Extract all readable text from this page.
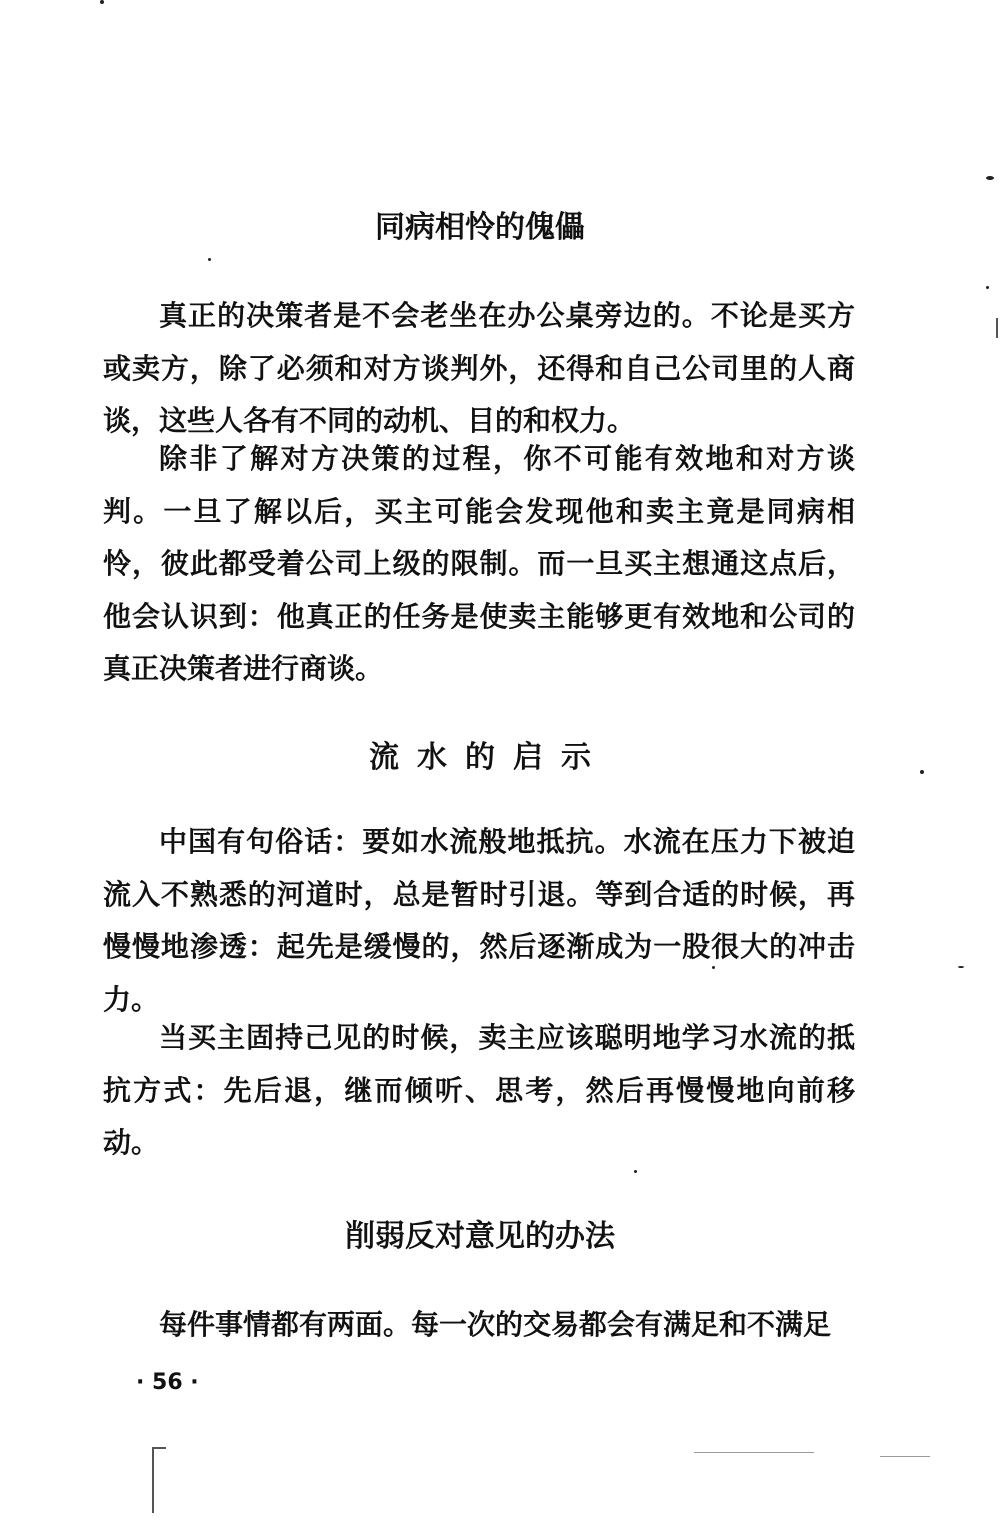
同病相怜的傀儡

真正的决策者是不会老坐在办公桌旁边的。不论是买方或卖方，除了必须和对方谈判外，还得和自己公司里的人商谈，这些人各有不同的动机、目的和权力。

除非了解对方决策的过程，你不可能有效地和对方谈判。一旦了解以后，买主可能会发现他和卖主竟是同病相怜，彼此都受着公司上级的限制。而一旦买主想通这点后，他会认识到：他真正的任务是使卖主能够更有效地和公司的真正决策者进行商谈。

流水的启示

中国有句俗话：要如水流般地抵抗。水流在压力下被迫流入不熟悉的河道时，总是暂时引退。等到合适的时候，再慢慢地渗透：起先是缓慢的，然后逐渐成为一股很大的冲击力。

当买主固持己见的时候，卖主应该聪明地学习水流的抵抗方式：先后退，继而倾听、思考，然后再慢慢地向前移动。

削弱反对意见的办法

每件事情都有两面。每一次的交易都会有满足和不满足

· 56 ·
